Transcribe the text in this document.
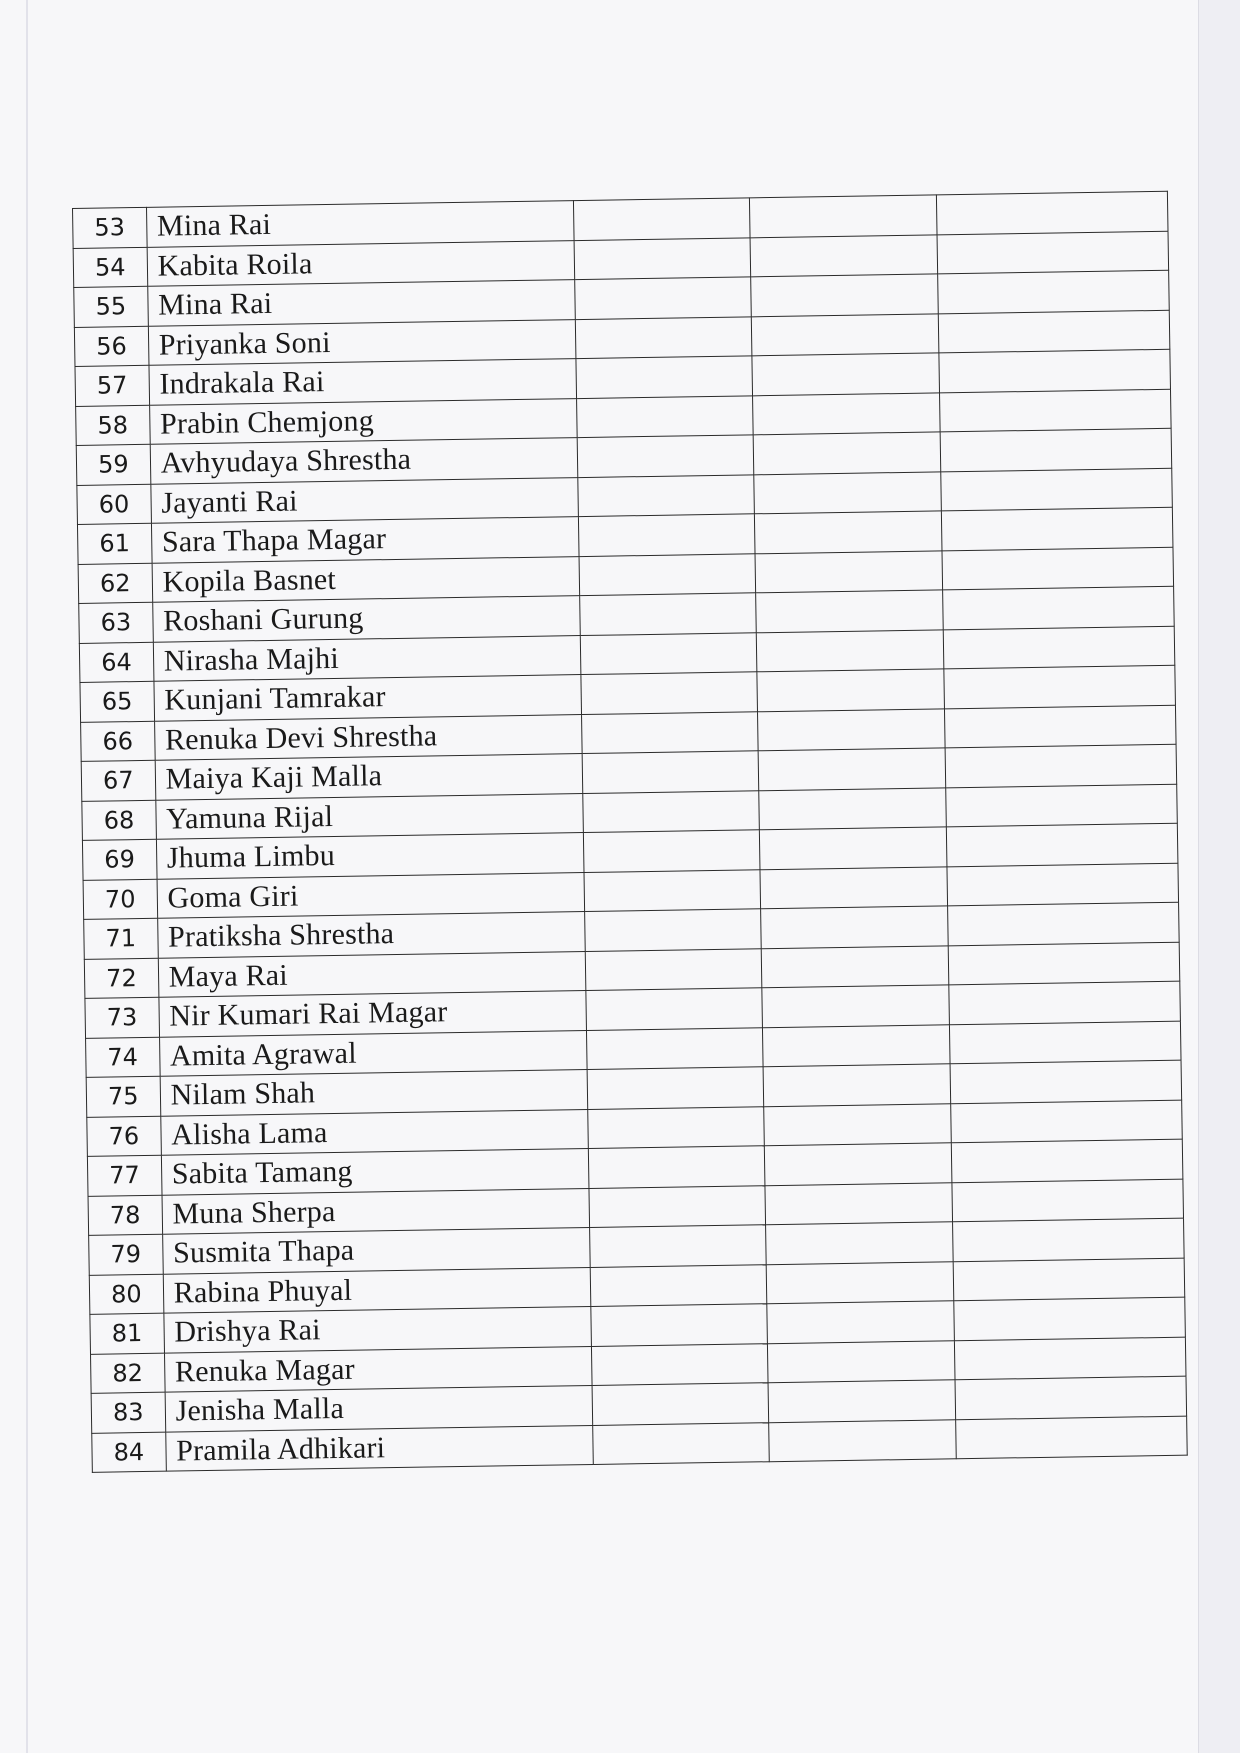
53	Mina Rai			
54	Kabita Roila			
55	Mina Rai			
56	Priyanka Soni			
57	Indrakala Rai			
58	Prabin Chemjong			
59	Avhyudaya Shrestha			
60	Jayanti Rai			
61	Sara Thapa Magar			
62	Kopila Basnet			
63	Roshani Gurung			
64	Nirasha Majhi			
65	Kunjani Tamrakar			
66	Renuka Devi Shrestha			
67	Maiya Kaji Malla			
68	Yamuna Rijal			
69	Jhuma Limbu			
70	Goma Giri			
71	Pratiksha Shrestha			
72	Maya Rai			
73	Nir Kumari Rai Magar			
74	Amita Agrawal			
75	Nilam Shah			
76	Alisha Lama			
77	Sabita Tamang			
78	Muna Sherpa			
79	Susmita Thapa			
80	Rabina Phuyal			
81	Drishya Rai			
82	Renuka Magar			
83	Jenisha Malla			
84	Pramila Adhikari			
